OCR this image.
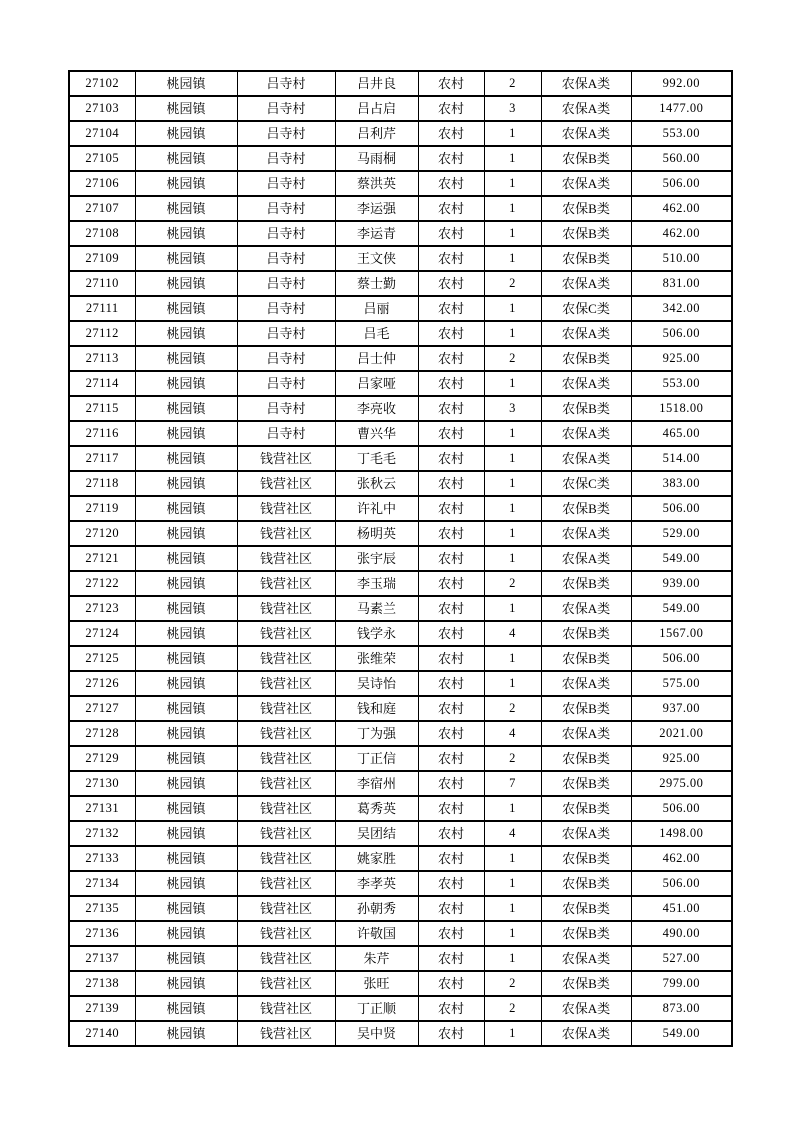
27102	桃园镇	吕寺村	吕井良	农村	2	农保A类	992.00
27103	桃园镇	吕寺村	吕占启	农村	3	农保A类	1477.00
27104	桃园镇	吕寺村	吕利芹	农村	1	农保A类	553.00
27105	桃园镇	吕寺村	马雨桐	农村	1	农保B类	560.00
27106	桃园镇	吕寺村	蔡洪英	农村	1	农保A类	506.00
27107	桃园镇	吕寺村	李运强	农村	1	农保B类	462.00
27108	桃园镇	吕寺村	李运青	农村	1	农保B类	462.00
27109	桃园镇	吕寺村	王文侠	农村	1	农保B类	510.00
27110	桃园镇	吕寺村	蔡士勤	农村	2	农保A类	831.00
27111	桃园镇	吕寺村	吕丽	农村	1	农保C类	342.00
27112	桃园镇	吕寺村	吕毛	农村	1	农保A类	506.00
27113	桃园镇	吕寺村	吕士仲	农村	2	农保B类	925.00
27114	桃园镇	吕寺村	吕家哑	农村	1	农保A类	553.00
27115	桃园镇	吕寺村	李亮收	农村	3	农保B类	1518.00
27116	桃园镇	吕寺村	曹兴华	农村	1	农保A类	465.00
27117	桃园镇	钱营社区	丁毛毛	农村	1	农保A类	514.00
27118	桃园镇	钱营社区	张秋云	农村	1	农保C类	383.00
27119	桃园镇	钱营社区	许礼中	农村	1	农保B类	506.00
27120	桃园镇	钱营社区	杨明英	农村	1	农保A类	529.00
27121	桃园镇	钱营社区	张宇辰	农村	1	农保A类	549.00
27122	桃园镇	钱营社区	李玉瑞	农村	2	农保B类	939.00
27123	桃园镇	钱营社区	马素兰	农村	1	农保A类	549.00
27124	桃园镇	钱营社区	钱学永	农村	4	农保B类	1567.00
27125	桃园镇	钱营社区	张维荣	农村	1	农保B类	506.00
27126	桃园镇	钱营社区	吴诗怡	农村	1	农保A类	575.00
27127	桃园镇	钱营社区	钱和庭	农村	2	农保B类	937.00
27128	桃园镇	钱营社区	丁为强	农村	4	农保A类	2021.00
27129	桃园镇	钱营社区	丁正信	农村	2	农保B类	925.00
27130	桃园镇	钱营社区	李宿州	农村	7	农保B类	2975.00
27131	桃园镇	钱营社区	葛秀英	农村	1	农保B类	506.00
27132	桃园镇	钱营社区	吴团结	农村	4	农保A类	1498.00
27133	桃园镇	钱营社区	姚家胜	农村	1	农保B类	462.00
27134	桃园镇	钱营社区	李孝英	农村	1	农保B类	506.00
27135	桃园镇	钱营社区	孙朝秀	农村	1	农保B类	451.00
27136	桃园镇	钱营社区	许敬国	农村	1	农保B类	490.00
27137	桃园镇	钱营社区	朱芹	农村	1	农保A类	527.00
27138	桃园镇	钱营社区	张旺	农村	2	农保B类	799.00
27139	桃园镇	钱营社区	丁正顺	农村	2	农保A类	873.00
27140	桃园镇	钱营社区	吴中贤	农村	1	农保A类	549.00
